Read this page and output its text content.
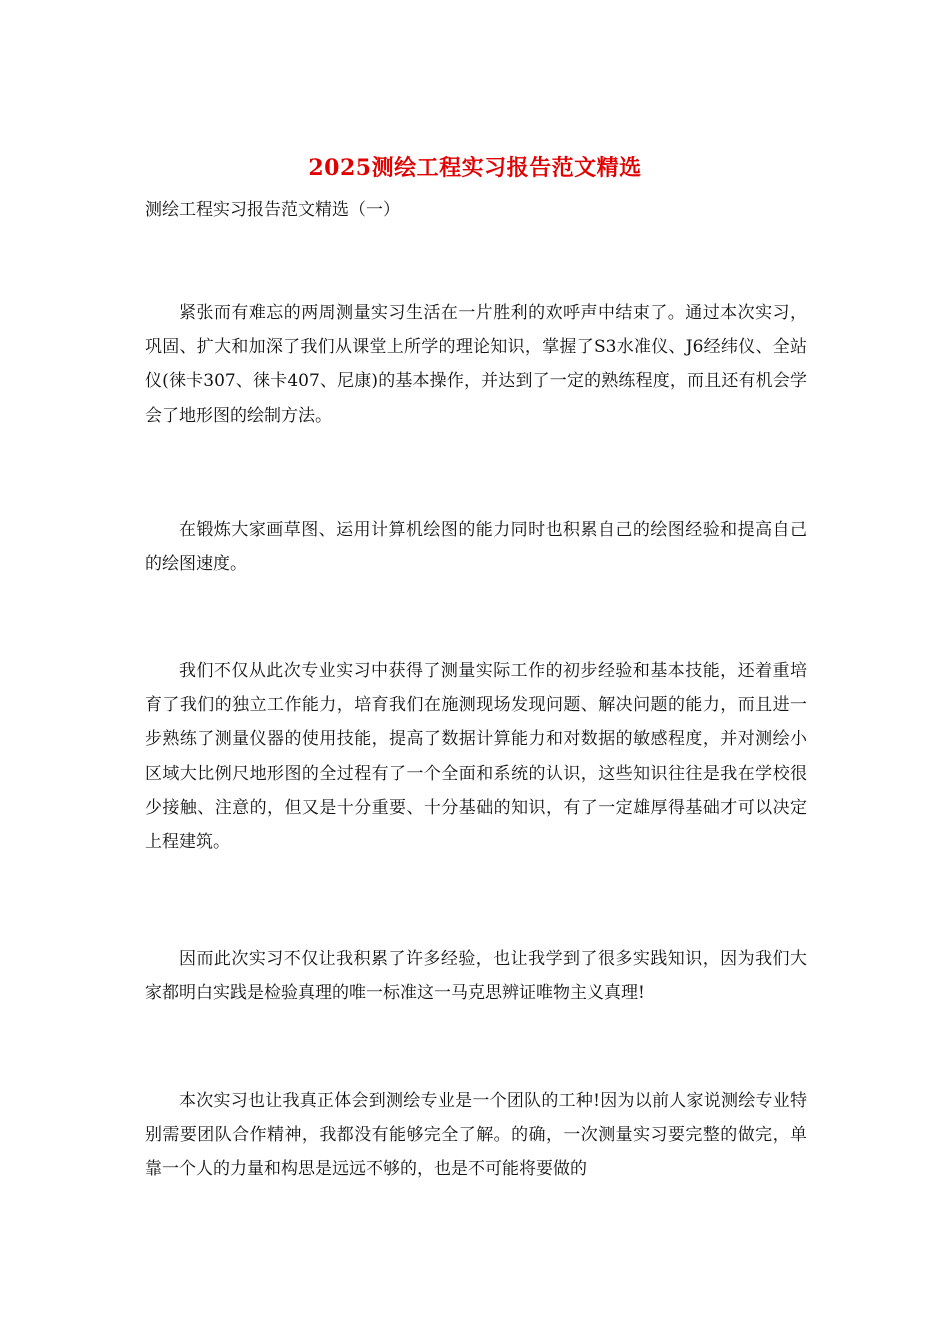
2025测绘工程实习报告范文精选
测绘工程实习报告范文精选（一）

紧张而有难忘的两周测量实习生活在一片胜利的欢呼声中结束了。通过本次实习，巩固、扩大和加深了我们从课堂上所学的理论知识，掌握了S3水准仪、J6经纬仪、全站仪(徕卡307、徕卡407、尼康)的基本操作，并达到了一定的熟练程度，而且还有机会学会了地形图的绘制方法。

在锻炼大家画草图、运用计算机绘图的能力同时也积累自己的绘图经验和提高自己的绘图速度。

我们不仅从此次专业实习中获得了测量实际工作的初步经验和基本技能，还着重培育了我们的独立工作能力，培育我们在施测现场发现问题、解决问题的能力，而且进一步熟练了测量仪器的使用技能，提高了数据计算能力和对数据的敏感程度，并对测绘小区域大比例尺地形图的全过程有了一个全面和系统的认识，这些知识往往是我在学校很少接触、注意的，但又是十分重要、十分基础的知识，有了一定雄厚得基础才可以决定上程建筑。

因而此次实习不仅让我积累了许多经验，也让我学到了很多实践知识，因为我们大家都明白实践是检验真理的唯一标准这一马克思辨证唯物主义真理!

本次实习也让我真正体会到测绘专业是一个团队的工种!因为以前人家说测绘专业特别需要团队合作精神，我都没有能够完全了解。的确，一次测量实习要完整的做完，单靠一个人的力量和构思是远远不够的，也是不可能将要做的
